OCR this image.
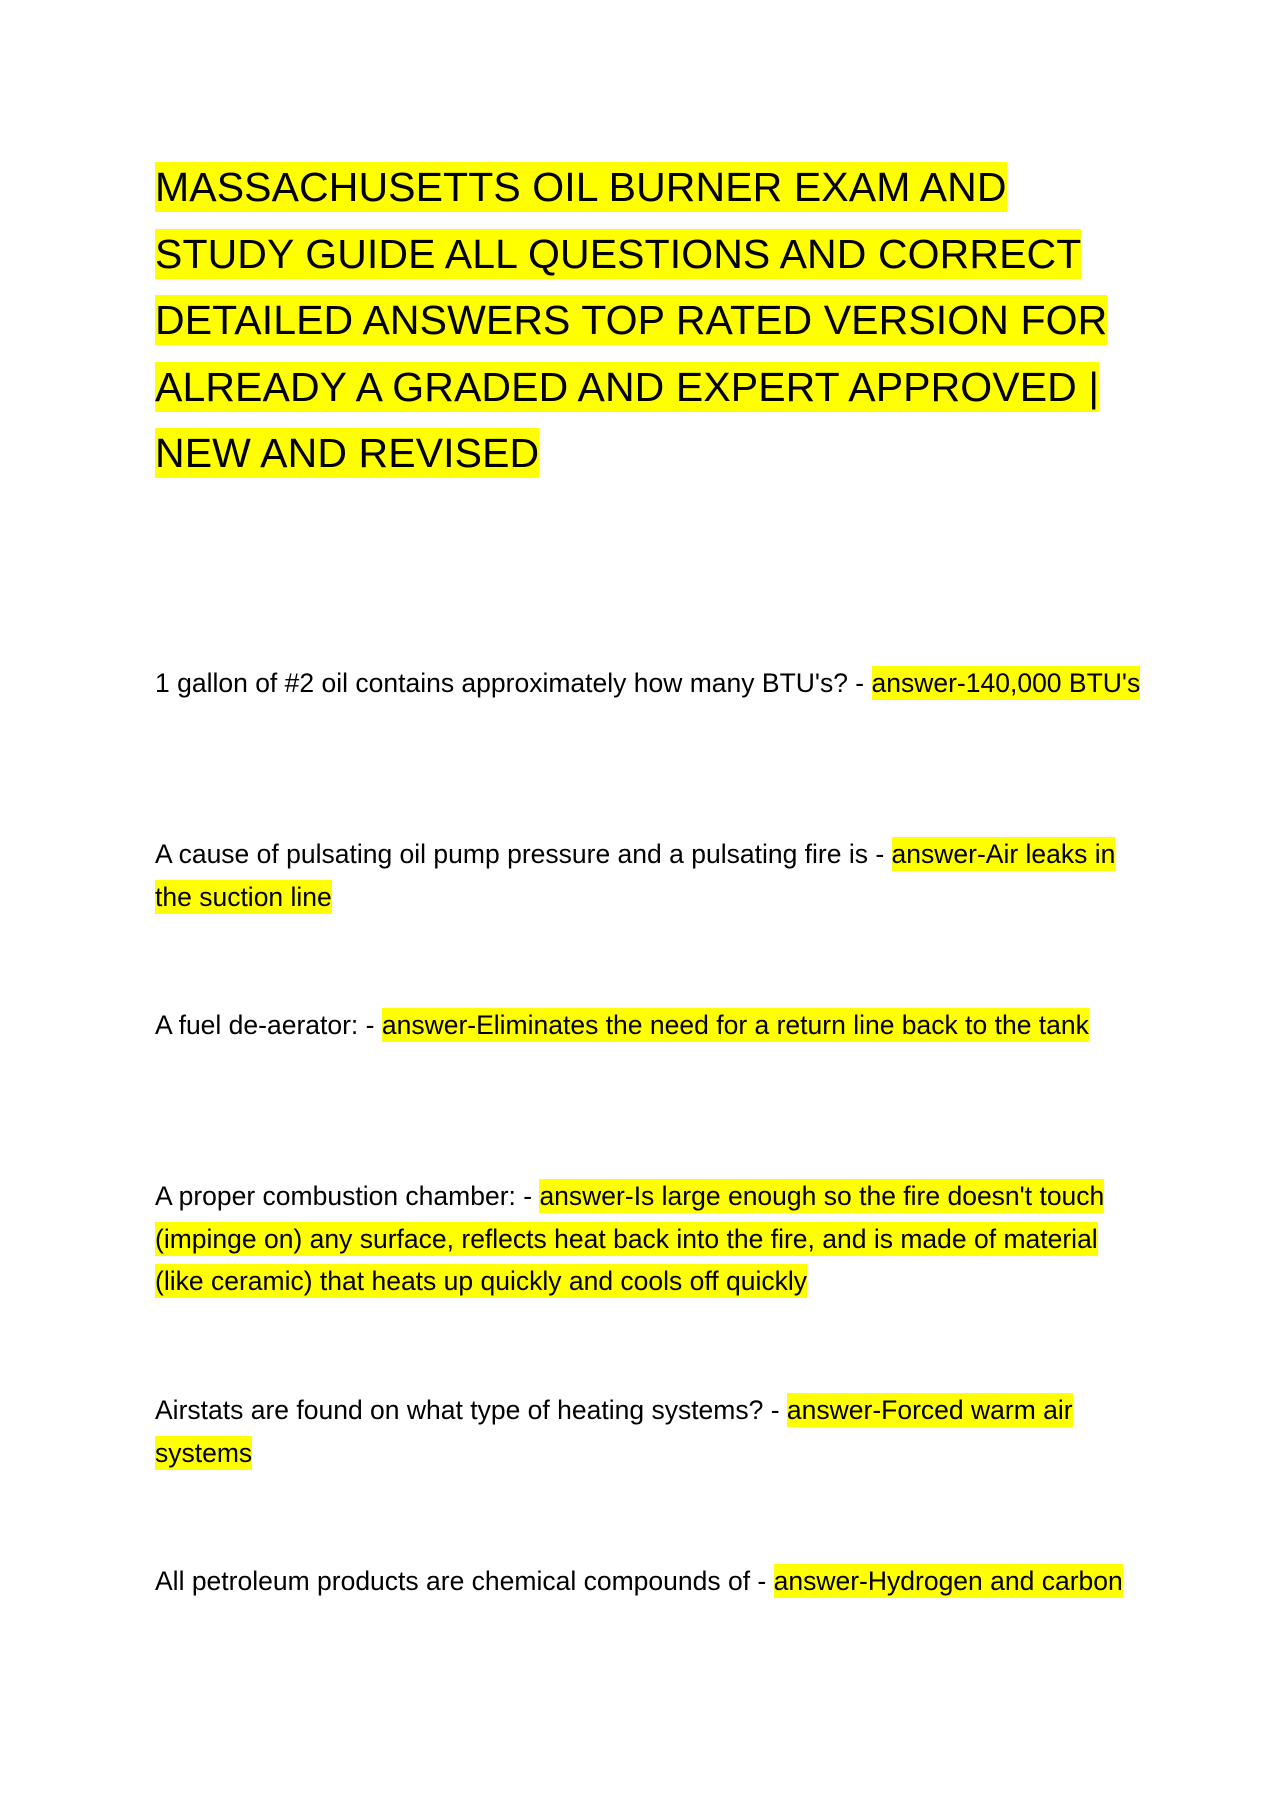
MASSACHUSETTS OIL BURNER EXAM AND STUDY GUIDE ALL QUESTIONS AND CORRECT DETAILED ANSWERS TOP RATED VERSION FOR ALREADY A GRADED AND EXPERT APPROVED | NEW AND REVISED

1 gallon of #2 oil contains approximately how many BTU's? - answer-140,000 BTU's

A cause of pulsating oil pump pressure and a pulsating fire is - answer-Air leaks in the suction line

A fuel de-aerator: - answer-Eliminates the need for a return line back to the tank

A proper combustion chamber: - answer-Is large enough so the fire doesn't touch (impinge on) any surface, reflects heat back into the fire, and is made of material (like ceramic) that heats up quickly and cools off quickly

Airstats are found on what type of heating systems? - answer-Forced warm air systems

All petroleum products are chemical compounds of - answer-Hydrogen and carbon
